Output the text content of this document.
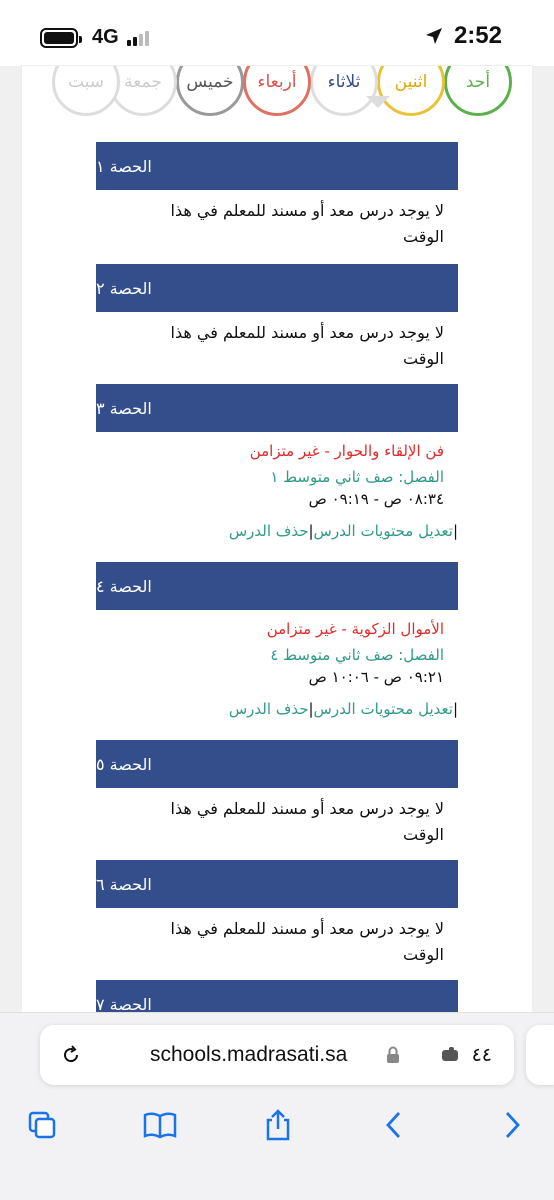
4G	2:52
أحد
اثنين
ثلاثاء
أربعاء
خميس
جمعة
سبت
الحصة ١
لا يوجد درس معد أو مسند للمعلم في هذا الوقت
الحصة ٢
لا يوجد درس معد أو مسند للمعلم في هذا الوقت
الحصة ٣
فن الإلقاء والحوار - غير متزامن
الفصل: صف ثاني متوسط ١
٠٨:٣٤ ص - ٠٩:١٩ ص
|تعديل محتويات الدرس|حذف الدرس
الحصة ٤
الأموال الزكوية - غير متزامن
الفصل: صف ثاني متوسط ٤
٠٩:٢١ ص - ١٠:٠٦ ص
|تعديل محتويات الدرس|حذف الدرس
الحصة ٥
لا يوجد درس معد أو مسند للمعلم في هذا الوقت
الحصة ٦
لا يوجد درس معد أو مسند للمعلم في هذا الوقت
الحصة ٧
schools.madrasati.sa	٤٤
